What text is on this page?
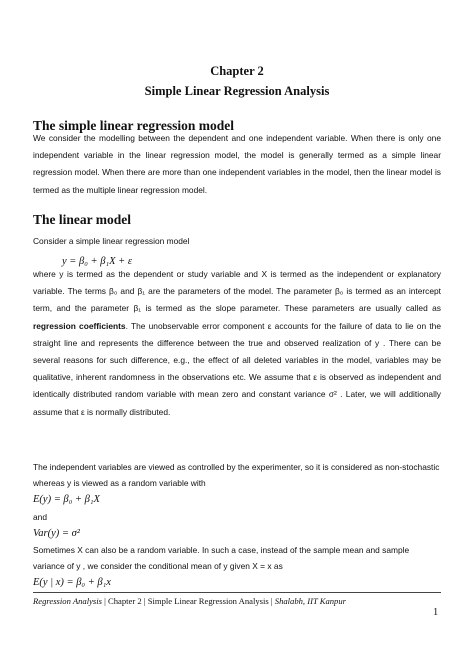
Chapter 2
Simple Linear Regression Analysis
The simple linear regression model
We consider the modelling between the dependent and one independent variable. When there is only one independent variable in the linear regression model, the model is generally termed as a simple linear regression model. When there are more than one independent variables in the model, then the linear model is termed as the multiple linear regression model.
The linear model
Consider a simple linear regression model
y = β₀ + β₁X + ε
where y is termed as the dependent or study variable and X is termed as the independent or explanatory variable. The terms β₀ and β₁ are the parameters of the model. The parameter β₀ is termed as an intercept term, and the parameter β₁ is termed as the slope parameter. These parameters are usually called as regression coefficients. The unobservable error component ε accounts for the failure of data to lie on the straight line and represents the difference between the true and observed realization of y . There can be several reasons for such difference, e.g., the effect of all deleted variables in the model, variables may be qualitative, inherent randomness in the observations etc. We assume that ε is observed as independent and identically distributed random variable with mean zero and constant variance σ² . Later, we will additionally assume that ε is normally distributed.
The independent variables are viewed as controlled by the experimenter, so it is considered as non-stochastic
whereas y is viewed as a random variable with
E(y) = β₀ + β₁X
and
Var(y) = σ²
Sometimes X can also be a random variable. In such a case, instead of the sample mean and sample
variance of y , we consider the conditional mean of y given X = x as
Regression Analysis | Chapter 2 | Simple Linear Regression Analysis | Shalabh, IIT Kanpur
1
E(y | x) = β₀ + β₁x
